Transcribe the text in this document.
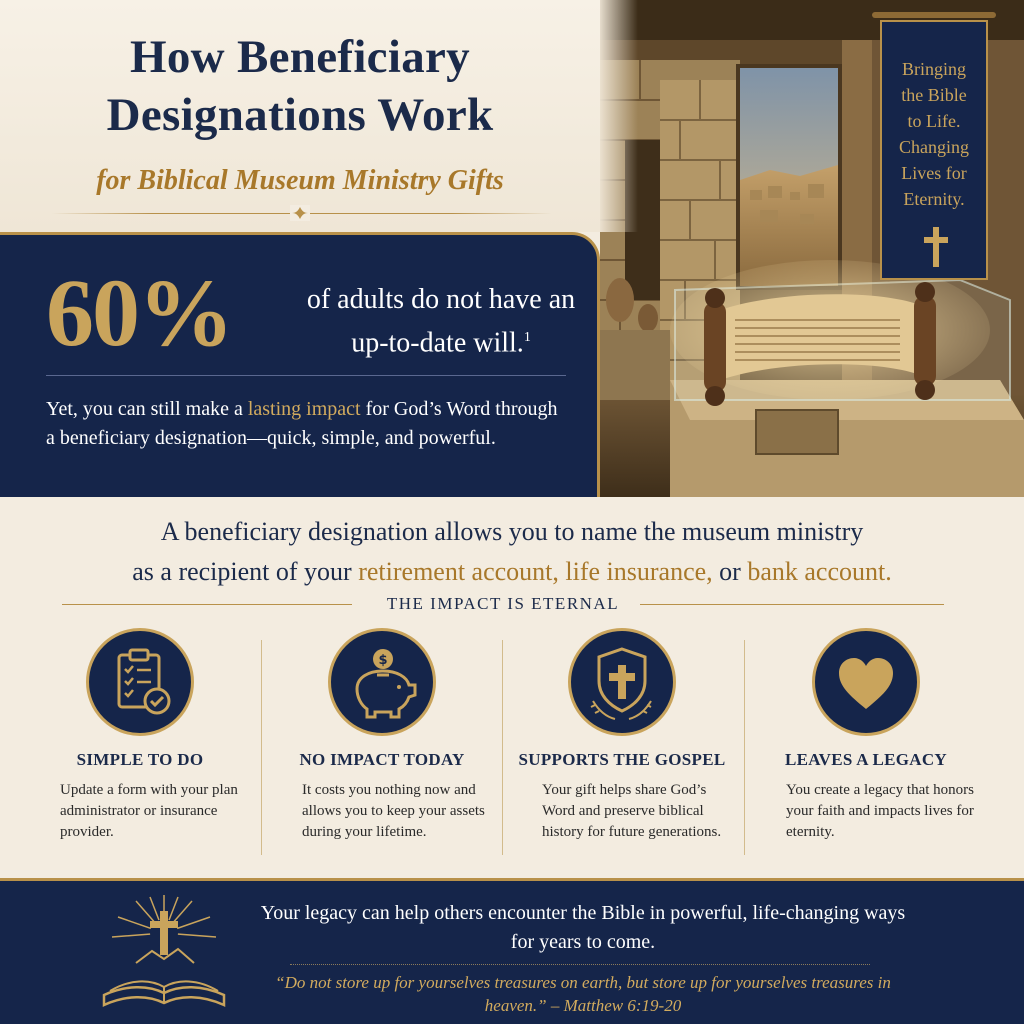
How Beneficiary
Designations Work
for Biblical Museum Ministry Gifts
60%	of adults do not have an up-to-date will.$^1$
Yet, you can still make a lasting impact for God’s Word through a beneficiary designation—quick, simple, and powerful.
Bringing
the Bible
to Life.
Changing
Lives for
Eternity.
A beneficiary designation allows you to name the museum ministry
as a recipient of your retirement account, life insurance, or bank account.
THE IMPACT IS ETERNAL
SIMPLE TO DO
Update a form with your plan administrator or insurance provider.
$
NO IMPACT TODAY
It costs you nothing now and allows you to keep your assets during your lifetime.
SUPPORTS THE GOSPEL
Your gift helps share God’s Word and preserve biblical history for future generations.
LEAVES A LEGACY
You create a legacy that honors your faith and impacts lives for eternity.
Your legacy can help others encounter the Bible in powerful, life-changing ways for years to come.
“Do not store up for yourselves treasures on earth, but store up for yourselves treasures in heaven.” – Matthew 6:19-20
